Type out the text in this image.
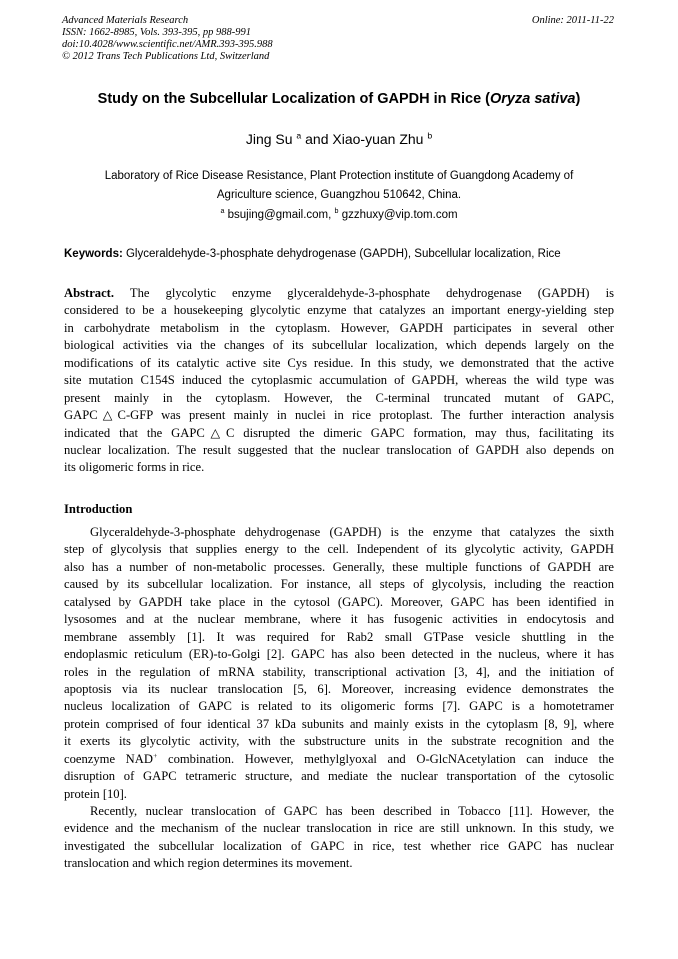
Advanced Materials Research
ISSN: 1662-8985, Vols. 393-395, pp 988-991
doi:10.4028/www.scientific.net/AMR.393-395.988
© 2012 Trans Tech Publications Ltd, Switzerland
Online: 2011-11-22
Study on the Subcellular Localization of GAPDH in Rice (Oryza sativa)
Jing Su $^a$ and Xiao-yuan Zhu $^b$
Laboratory of Rice Disease Resistance, Plant Protection institute of Guangdong Academy of
Agriculture science, Guangzhou 510642, China.
$^a$ bsujing@gmail.com, $^b$ gzzhuxy@vip.tom.com
Keywords: Glyceraldehyde-3-phosphate dehydrogenase (GAPDH), Subcellular localization, Rice
Abstract. The glycolytic enzyme glyceraldehyde-3-phosphate dehydrogenase (GAPDH) is
considered to be a housekeeping glycolytic enzyme that catalyzes an important energy-yielding step
in carbohydrate metabolism in the cytoplasm. However, GAPDH participates in several other
biological activities via the changes of its subcellular localization, which depends largely on the
modifications of its catalytic active site Cys residue. In this study, we demonstrated that the active
site mutation C154S induced the cytoplasmic accumulation of GAPDH, whereas the wild type was
present mainly in the cytoplasm. However, the C-terminal truncated mutant of GAPC,
GAPC△C-GFP was present mainly in nuclei in rice protoplast. The further interaction analysis
indicated that the GAPC△C disrupted the dimeric GAPC formation, may thus, facilitating its
nuclear localization. The result suggested that the nuclear translocation of GAPDH also depends on
its oligomeric forms in rice.
Introduction
Glyceraldehyde-3-phosphate dehydrogenase (GAPDH) is the enzyme that catalyzes the sixth
step of glycolysis that supplies energy to the cell. Independent of its glycolytic activity, GAPDH
also has a number of non-metabolic processes. Generally, these multiple functions of GAPDH are
caused by its subcellular localization. For instance, all steps of glycolysis, including the reaction
catalysed by GAPDH take place in the cytosol (GAPC). Moreover, GAPC has been identified in
lysosomes and at the nuclear membrane, where it has fusogenic activities in endocytosis and
membrane assembly [1]. It was required for Rab2 small GTPase vesicle shuttling in the
endoplasmic reticulum (ER)-to-Golgi [2]. GAPC has also been detected in the nucleus, where it has
roles in the regulation of mRNA stability, transcriptional activation [3, 4], and the initiation of
apoptosis via its nuclear translocation [5, 6]. Moreover, increasing evidence demonstrates the
nucleus localization of GAPC is related to its oligomeric forms [7]. GAPC is a homotetramer
protein comprised of four identical 37 kDa subunits and mainly exists in the cytoplasm [8, 9], where
it exerts its glycolytic activity, with the substructure units in the substrate recognition and the
coenzyme NAD+ combination. However, methylglyoxal and O-GlcNAcetylation can induce the
disruption of GAPC tetrameric structure, and mediate the nuclear transportation of the cytosolic
protein [10].
Recently, nuclear translocation of GAPC has been described in Tobacco [11]. However, the
evidence and the mechanism of the nuclear translocation in rice are still unknown. In this study, we
investigated the subcellular localization of GAPC in rice, test whether rice GAPC has nuclear
translocation and which region determines its movement.
